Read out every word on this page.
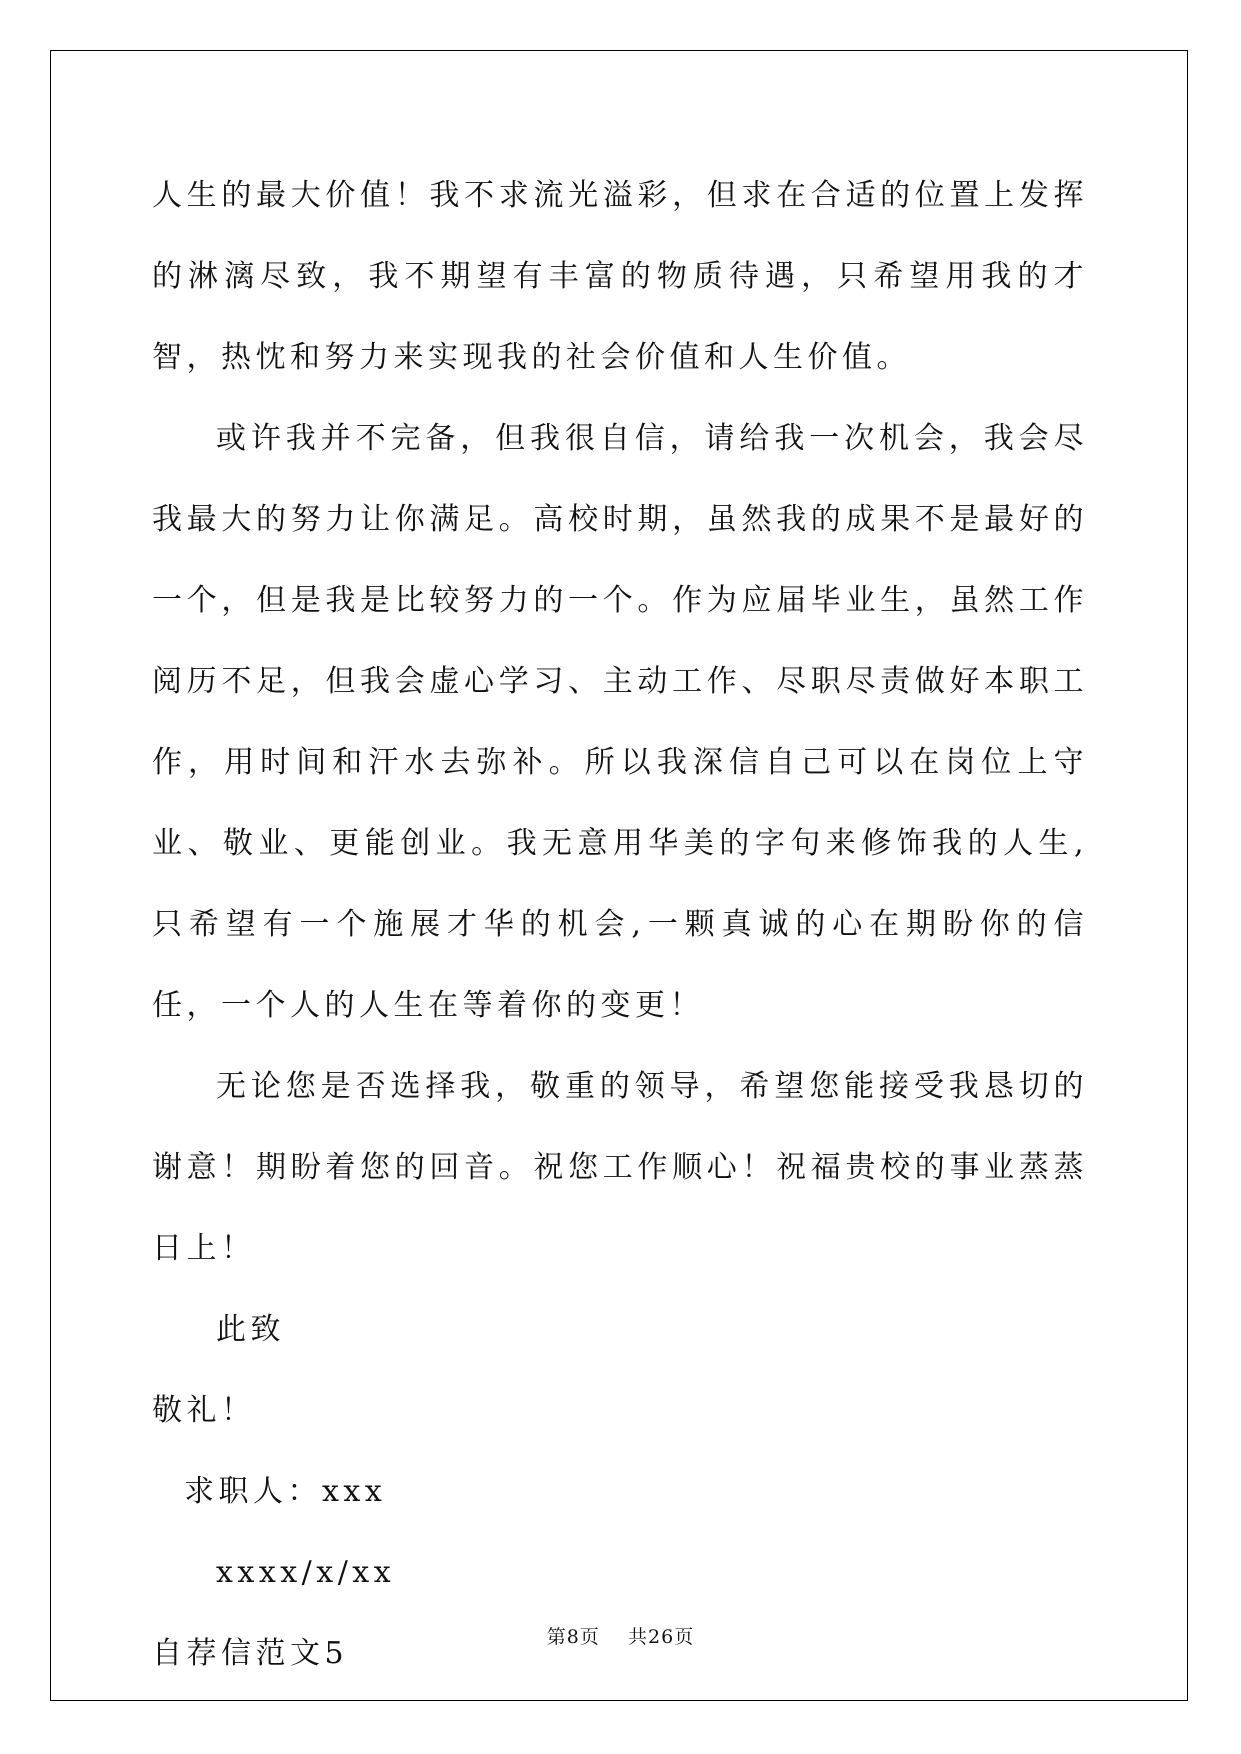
人生的最大价值！我不求流光溢彩，但求在合适的位置上发挥的淋漓尽致，我不期望有丰富的物质待遇，只希望用我的才智，热忱和努力来实现我的社会价值和人生价值。

或许我并不完备，但我很自信，请给我一次机会，我会尽我最大的努力让你满足。高校时期，虽然我的成果不是最好的一个，但是我是比较努力的一个。作为应届毕业生，虽然工作阅历不足，但我会虚心学习、主动工作、尽职尽责做好本职工作，用时间和汗水去弥补。所以我深信自己可以在岗位上守业、敬业、更能创业。我无意用华美的字句来修饰我的人生,只希望有一个施展才华的机会,一颗真诚的心在期盼你的信任，一个人的人生在等着你的变更！

无论您是否选择我，敬重的领导，希望您能接受我恳切的谢意！期盼着您的回音。祝您工作顺心！祝福贵校的事业蒸蒸日上！

此致

敬礼！

求职人：xxx

xxxx/x/xx

自荐信范文5	第8页 共26页
